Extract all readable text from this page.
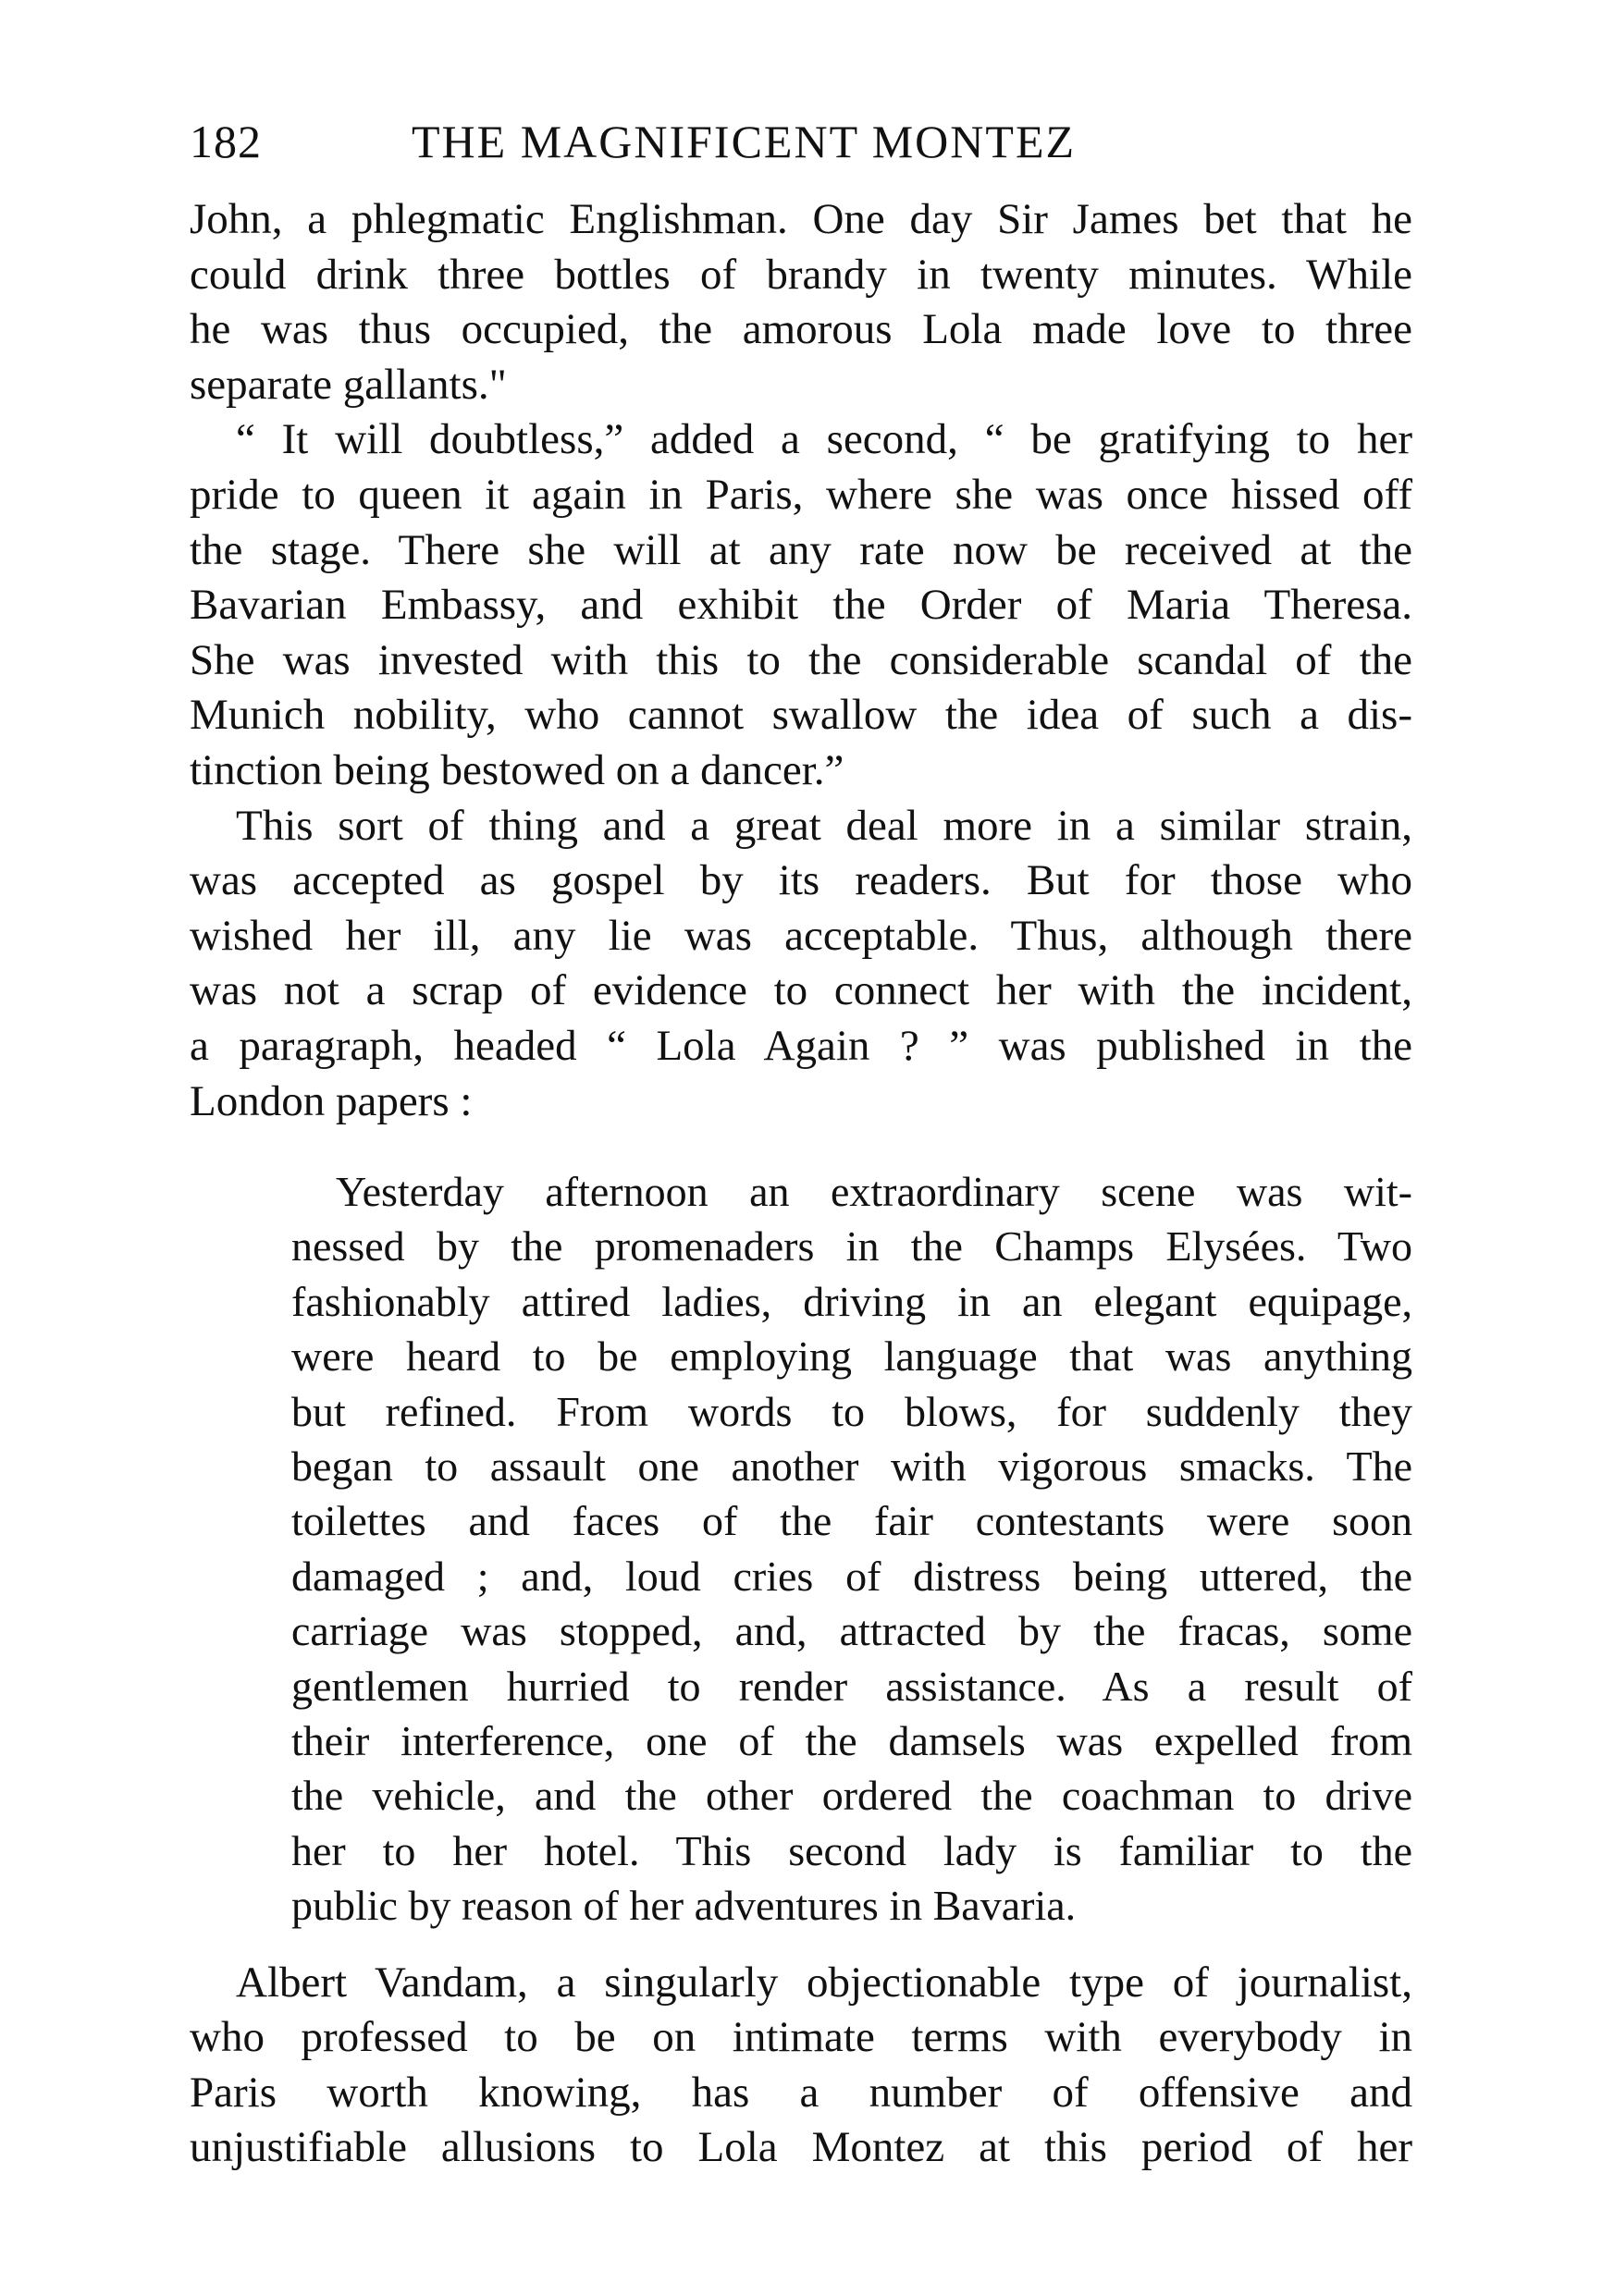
182	THE MAGNIFICENT MONTEZ
John, a phlegmatic Englishman. One day Sir James bet that he
could drink three bottles of brandy in twenty minutes. While
he was thus occupied, the amorous Lola made love to three
separate gallants."
“ It will doubtless,” added a second, “ be gratifying to her
pride to queen it again in Paris, where she was once hissed off
the stage. There she will at any rate now be received at the
Bavarian Embassy, and exhibit the Order of Maria Theresa.
She was invested with this to the considerable scandal of the
Munich nobility, who cannot swallow the idea of such a dis-
tinction being bestowed on a dancer.”
This sort of thing and a great deal more in a similar strain,
was accepted as gospel by its readers. But for those who
wished her ill, any lie was acceptable. Thus, although there
was not a scrap of evidence to connect her with the incident,
a paragraph, headed “ Lola Again ? ” was published in the
London papers :
Yesterday afternoon an extraordinary scene was wit-
nessed by the promenaders in the Champs Elysées. Two
fashionably attired ladies, driving in an elegant equipage,
were heard to be employing language that was anything
but refined. From words to blows, for suddenly they
began to assault one another with vigorous smacks. The
toilettes and faces of the fair contestants were soon
damaged ; and, loud cries of distress being uttered, the
carriage was stopped, and, attracted by the fracas, some
gentlemen hurried to render assistance. As a result of
their interference, one of the damsels was expelled from
the vehicle, and the other ordered the coachman to drive
her to her hotel. This second lady is familiar to the
public by reason of her adventures in Bavaria.
Albert Vandam, a singularly objectionable type of journalist,
who professed to be on intimate terms with everybody in
Paris worth knowing, has a number of offensive and
unjustifiable allusions to Lola Montez at this period of her
